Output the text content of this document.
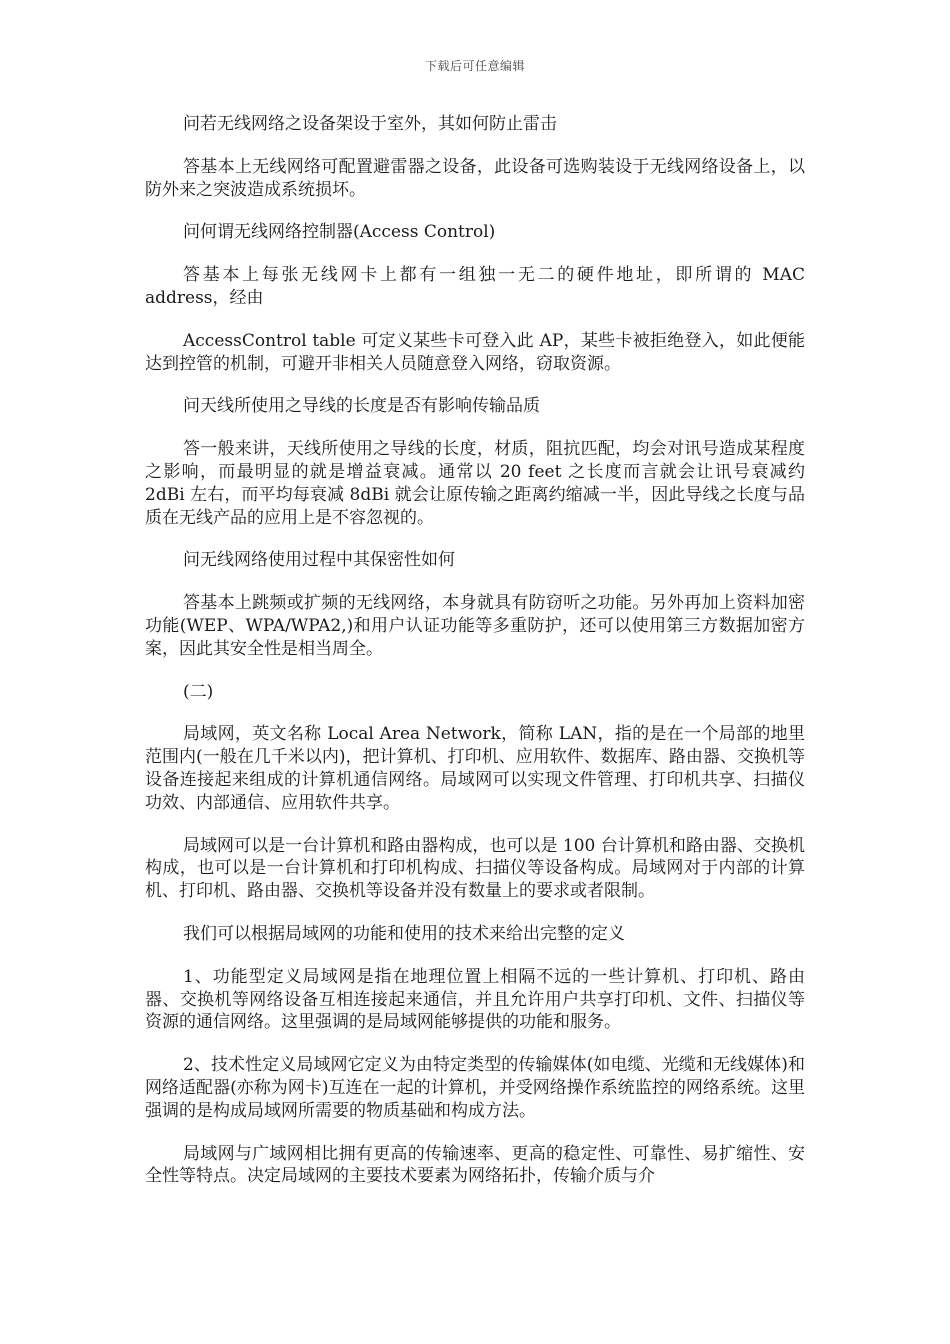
下载后可任意编辑

问若无线网络之设备架设于室外，其如何防止雷击

答基本上无线网络可配置避雷器之设备，此设备可选购装设于无线网络设备上，以防外来之突波造成系统损坏。

问何谓无线网络控制器(Access Control)

答基本上每张无线网卡上都有一组独一无二的硬件地址，即所谓的 MAC address，经由

AccessControl table 可定义某些卡可登入此 AP，某些卡被拒绝登入，如此便能达到控管的机制，可避开非相关人员随意登入网络，窃取资源。

问天线所使用之导线的长度是否有影响传输品质

答一般来讲，天线所使用之导线的长度，材质，阻抗匹配，均会对讯号造成某程度之影响，而最明显的就是增益衰减。通常以 20 feet 之长度而言就会让讯号衰减约 2dBi 左右，而平均每衰减 8dBi 就会让原传输之距离约缩减一半，因此导线之长度与品质在无线产品的应用上是不容忽视的。

问无线网络使用过程中其保密性如何

答基本上跳频或扩频的无线网络，本身就具有防窃听之功能。另外再加上资料加密功能(WEP、WPA/WPA2,)和用户认证功能等多重防护，还可以使用第三方数据加密方案，因此其安全性是相当周全。

(二)

局域网，英文名称 Local Area Network，简称 LAN，指的是在一个局部的地里范围内(一般在几千米以内)，把计算机、打印机、应用软件、数据库、路由器、交换机等设备连接起来组成的计算机通信网络。局域网可以实现文件管理、打印机共享、扫描仪功效、内部通信、应用软件共享。

局域网可以是一台计算机和路由器构成，也可以是 100 台计算机和路由器、交换机构成，也可以是一台计算机和打印机构成、扫描仪等设备构成。局域网对于内部的计算机、打印机、路由器、交换机等设备并没有数量上的要求或者限制。

我们可以根据局域网的功能和使用的技术来给出完整的定义

1、功能型定义局域网是指在地理位置上相隔不远的一些计算机、打印机、路由器、交换机等网络设备互相连接起来通信，并且允许用户共享打印机、文件、扫描仪等资源的通信网络。这里强调的是局域网能够提供的功能和服务。

2、技术性定义局域网它定义为由特定类型的传输媒体(如电缆、光缆和无线媒体)和网络适配器(亦称为网卡)互连在一起的计算机，并受网络操作系统监控的网络系统。这里强调的是构成局域网所需要的物质基础和构成方法。

局域网与广域网相比拥有更高的传输速率、更高的稳定性、可靠性、易扩缩性、安全性等特点。决定局域网的主要技术要素为网络拓扑，传输介质与介
